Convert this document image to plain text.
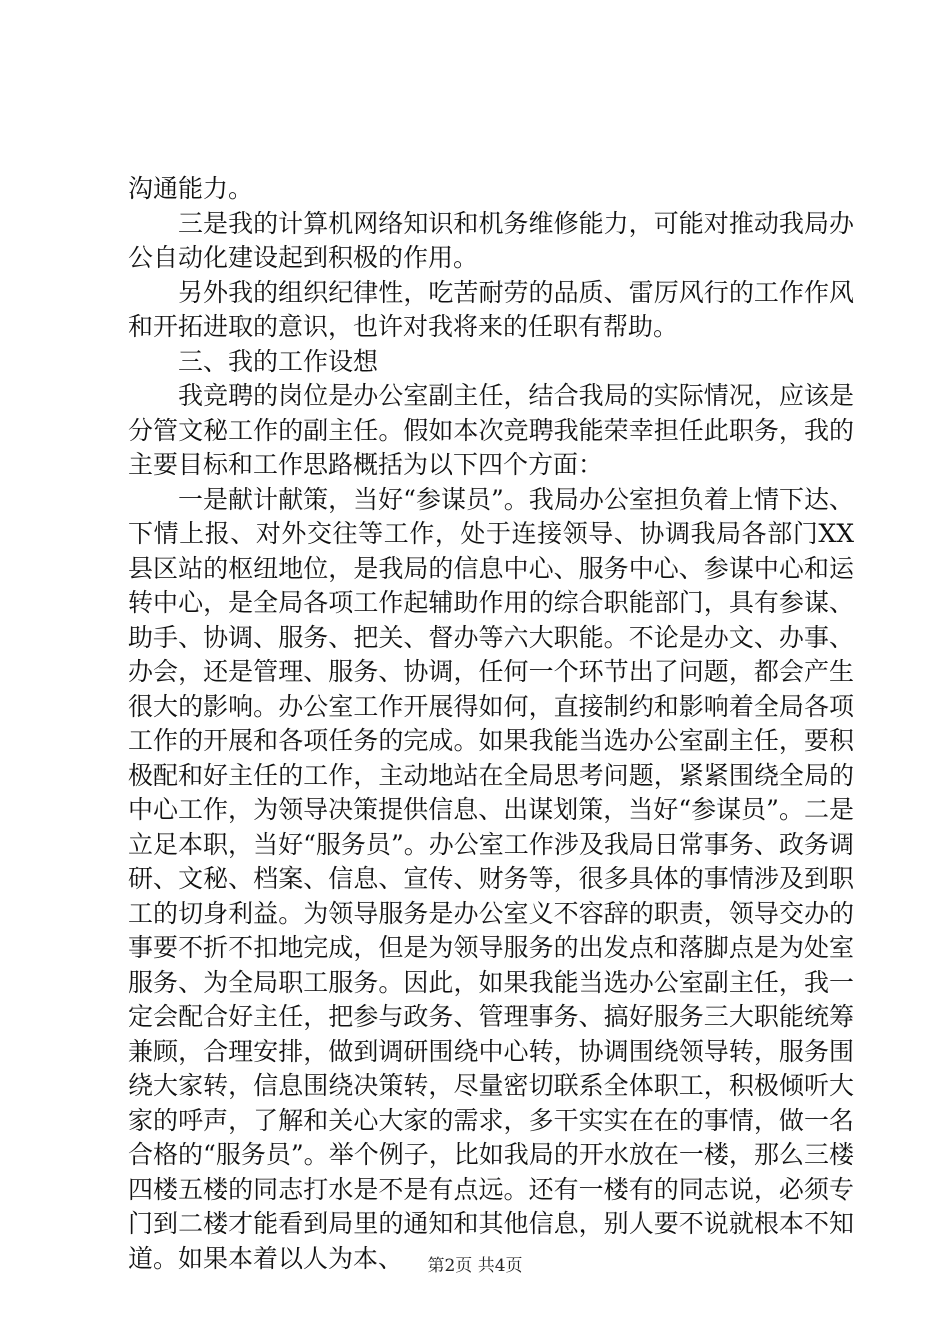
沟通能力。

三是我的计算机网络知识和机务维修能力，可能对推动我局办公自动化建设起到积极的作用。

另外我的组织纪律性，吃苦耐劳的品质、雷厉风行的工作作风和开拓进取的意识，也许对我将来的任职有帮助。

三、我的工作设想

我竞聘的岗位是办公室副主任，结合我局的实际情况，应该是分管文秘工作的副主任。假如本次竞聘我能荣幸担任此职务，我的主要目标和工作思路概括为以下四个方面：

一是献计献策，当好“参谋员”。我局办公室担负着上情下达、下情上报、对外交往等工作，处于连接领导、协调我局各部门XX县区站的枢纽地位，是我局的信息中心、服务中心、参谋中心和运转中心，是全局各项工作起辅助作用的综合职能部门，具有参谋、助手、协调、服务、把关、督办等六大职能。不论是办文、办事、办会，还是管理、服务、协调，任何一个环节出了问题，都会产生很大的影响。办公室工作开展得如何，直接制约和影响着全局各项工作的开展和各项任务的完成。如果我能当选办公室副主任，要积极配和好主任的工作，主动地站在全局思考问题，紧紧围绕全局的中心工作，为领导决策提供信息、出谋划策，当好“参谋员”。二是立足本职，当好“服务员”。办公室工作涉及我局日常事务、政务调研、文秘、档案、信息、宣传、财务等，很多具体的事情涉及到职工的切身利益。为领导服务是办公室义不容辞的职责，领导交办的事要不折不扣地完成，但是为领导服务的出发点和落脚点是为处室服务、为全局职工服务。因此，如果我能当选办公室副主任，我一定会配合好主任，把参与政务、管理事务、搞好服务三大职能统筹兼顾，合理安排，做到调研围绕中心转，协调围绕领导转，服务围绕大家转，信息围绕决策转，尽量密切联系全体职工，积极倾听大家的呼声，了解和关心大家的需求，多干实实在在的事情，做一名合格的“服务员”。举个例子，比如我局的开水放在一楼，那么三楼四楼五楼的同志打水是不是有点远。还有一楼有的同志说，必须专门到二楼才能看到局里的通知和其他信息，别人要不说就根本不知道。如果本着以人为本、	第2页 共4页
